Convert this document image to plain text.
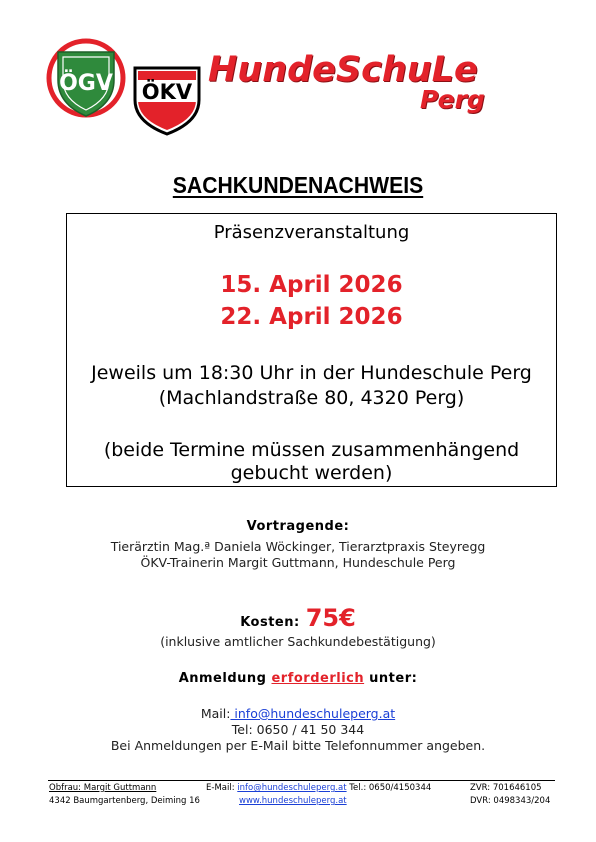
ÖGV ÖKV
HundeSchuLe
Perg
SACHKUNDENACHWEIS
Präsenzveranstaltung
15. April 2026
22. April 2026
Jeweils um 18:30 Uhr in der Hundeschule Perg
(Machlandstraße 80, 4320 Perg)
(beide Termine müssen zusammenhängend
gebucht werden)
Vortragende:
Tierärztin Mag.ª Daniela Wöckinger, Tierarztpraxis Steyregg
ÖKV-Trainerin Margit Guttmann, Hundeschule Perg
Kosten: 75€
(inklusive amtlicher Sachkundebestätigung)
Anmeldung erforderlich unter:
Mail: info@hundeschuleperg.at
Tel: 0650 / 41 50 344
Bei Anmeldungen per E-Mail bitte Telefonnummer angeben.
Obfrau: Margit Guttmann
4342 Baumgartenberg, Deiming 16
E-Mail: info@hundeschuleperg.at Tel.: 0650/4150344
www.hundeschuleperg.at
ZVR: 701646105
DVR: 0498343/204
